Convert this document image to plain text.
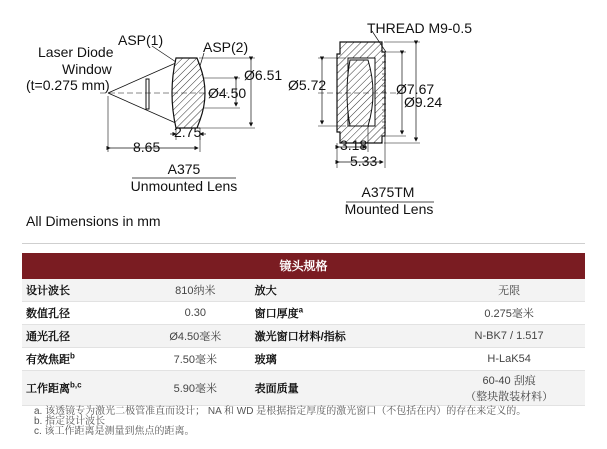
Laser Diode
Window
(t=0.275 mm)
ASP(1)	ASP(2)
Ø6.51
Ø4.50
2.75
8.65
A375
Unmounted Lens
THREAD M9-0.5
Ø5.72	Ø7.67
Ø9.24
3.18
5.33
A375TM
Mounted Lens
All Dimensions in mm
镜头规格
设计波长	810纳米	放大	无限
数值孔径	0.30	窗口厚度$^a$	0.275毫米
通光孔径	Ø4.50毫米	激光窗口材料/指标	N-BK7 / 1.517
有效焦距$^b$	7.50毫米	玻璃	H-LaK54
工作距离$^{b,c}$	5.90毫米	表面质量	60-40 刮痕
（整块散装材料）
a. 该透镜专为激光二极管准直而设计； NA 和 WD 是根据指定厚度的激光窗口（不包括在内）的存在来定义的。
b. 指定设计波长
c. 该工作距离是测量到焦点的距离。
